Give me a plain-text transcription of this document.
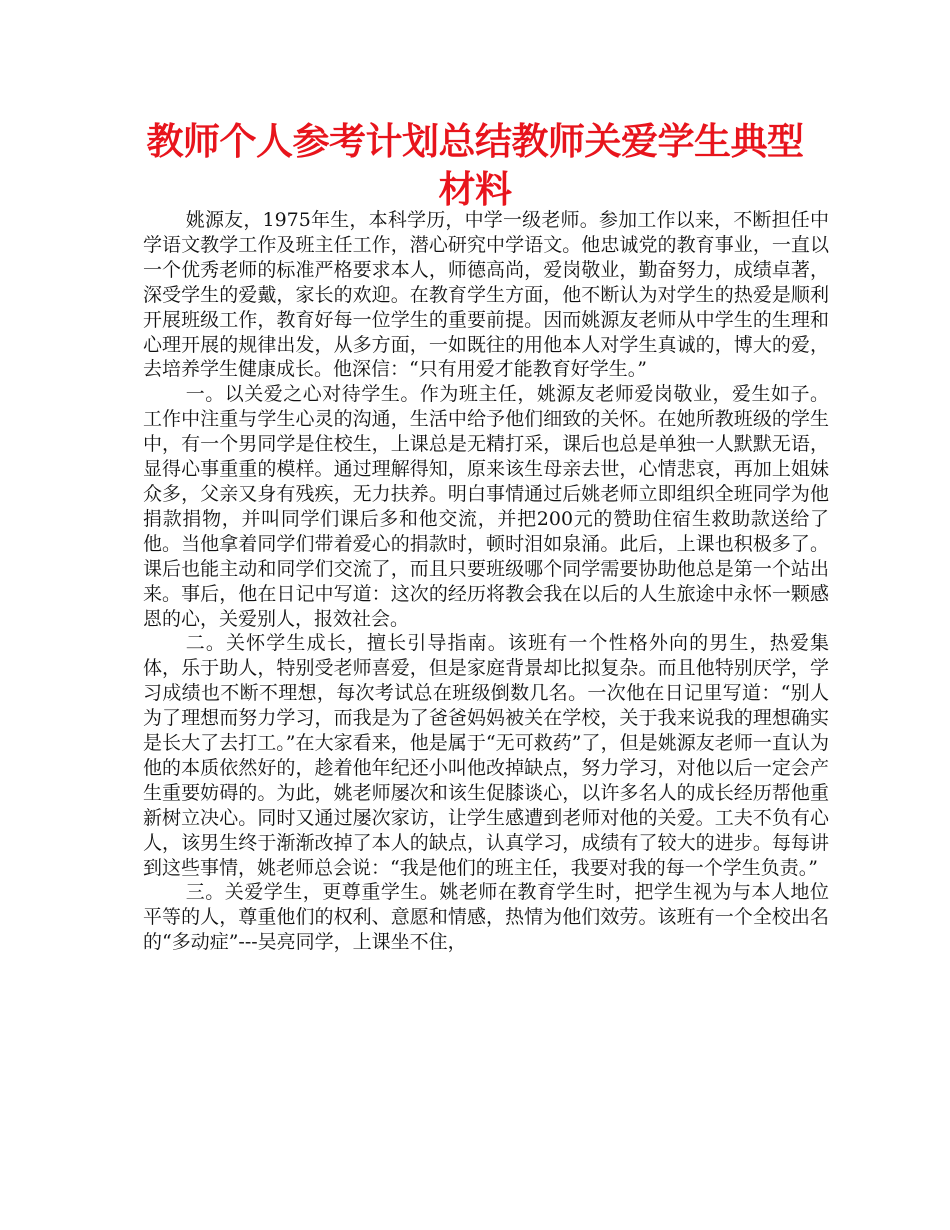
教师个人参考计划总结教师关爱学生典型材料

姚源友，1975年生，本科学历，中学一级老师。参加工作以来，不断担任中学语文教学工作及班主任工作，潜心研究中学语文。他忠诚党的教育事业，一直以一个优秀老师的标准严格要求本人，师德高尚，爱岗敬业，勤奋努力，成绩卓著，深受学生的爱戴，家长的欢迎。在教育学生方面，他不断认为对学生的热爱是顺利开展班级工作，教育好每一位学生的重要前提。因而姚源友老师从中学生的生理和心理开展的规律出发，从多方面，一如既往的用他本人对学生真诚的，博大的爱，去培养学生健康成长。他深信：“只有用爱才能教育好学生。”

一。以关爱之心对待学生。作为班主任，姚源友老师爱岗敬业，爱生如子。工作中注重与学生心灵的沟通，生活中给予他们细致的关怀。在她所教班级的学生中，有一个男同学是住校生，上课总是无精打采，课后也总是单独一人默默无语，显得心事重重的模样。通过理解得知，原来该生母亲去世，心情悲哀，再加上姐妹众多，父亲又身有残疾，无力扶养。明白事情通过后姚老师立即组织全班同学为他捐款捐物，并叫同学们课后多和他交流，并把200元的赞助住宿生救助款送给了他。当他拿着同学们带着爱心的捐款时，顿时泪如泉涌。此后，上课也积极多了。课后也能主动和同学们交流了，而且只要班级哪个同学需要协助他总是第一个站出来。事后，他在日记中写道：这次的经历将教会我在以后的人生旅途中永怀一颗感恩的心，关爱别人，报效社会。

二。关怀学生成长，擅长引导指南。该班有一个性格外向的男生，热爱集体，乐于助人，特别受老师喜爱，但是家庭背景却比拟复杂。而且他特别厌学，学习成绩也不断不理想，每次考试总在班级倒数几名。一次他在日记里写道：“别人为了理想而努力学习，而我是为了爸爸妈妈被关在学校，关于我来说我的理想确实是长大了去打工。”在大家看来，他是属于“无可救药”了，但是姚源友老师一直认为他的本质依然好的，趁着他年纪还小叫他改掉缺点，努力学习，对他以后一定会产生重要妨碍的。为此，姚老师屡次和该生促膝谈心，以许多名人的成长经历帮他重新树立决心。同时又通过屡次家访，让学生感遭到老师对他的关爱。工夫不负有心人，该男生终于渐渐改掉了本人的缺点，认真学习，成绩有了较大的进步。每每讲到这些事情，姚老师总会说：“我是他们的班主任，我要对我的每一个学生负责。”

三。关爱学生，更尊重学生。姚老师在教育学生时，把学生视为与本人地位平等的人，尊重他们的权利、意愿和情感，热情为他们效劳。该班有一个全校出名的“多动症”---吴亮同学，上课坐不住，
